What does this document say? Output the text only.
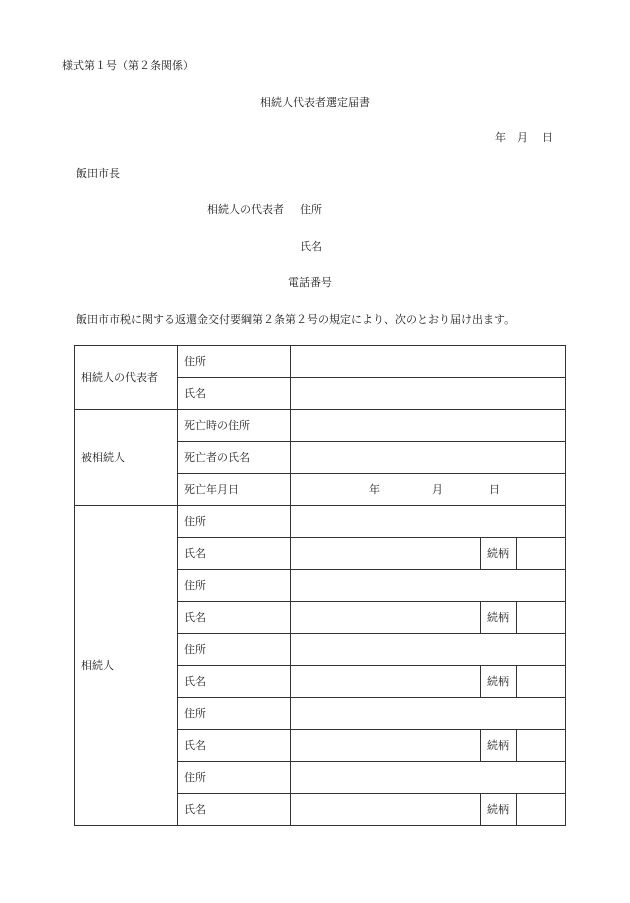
様式第１号（第２条関係）
相続人代表者選定届書
年 月 日
飯田市長
相続人の代表者 住所
氏名
電話番号
飯田市市税に関する返還金交付要綱第２条第２号の規定により、次のとおり届け出ます。
相続人の代表者	住所			
	氏名			
被相続人	死亡時の住所			
	死亡者の氏名			
	死亡年月日	年 月 日		

相続人	住所			
	氏名		続柄	
	住所			
	氏名		続柄	
	住所			
	氏名		続柄	
	住所			
	氏名		続柄	
	住所			
	氏名		続柄	
